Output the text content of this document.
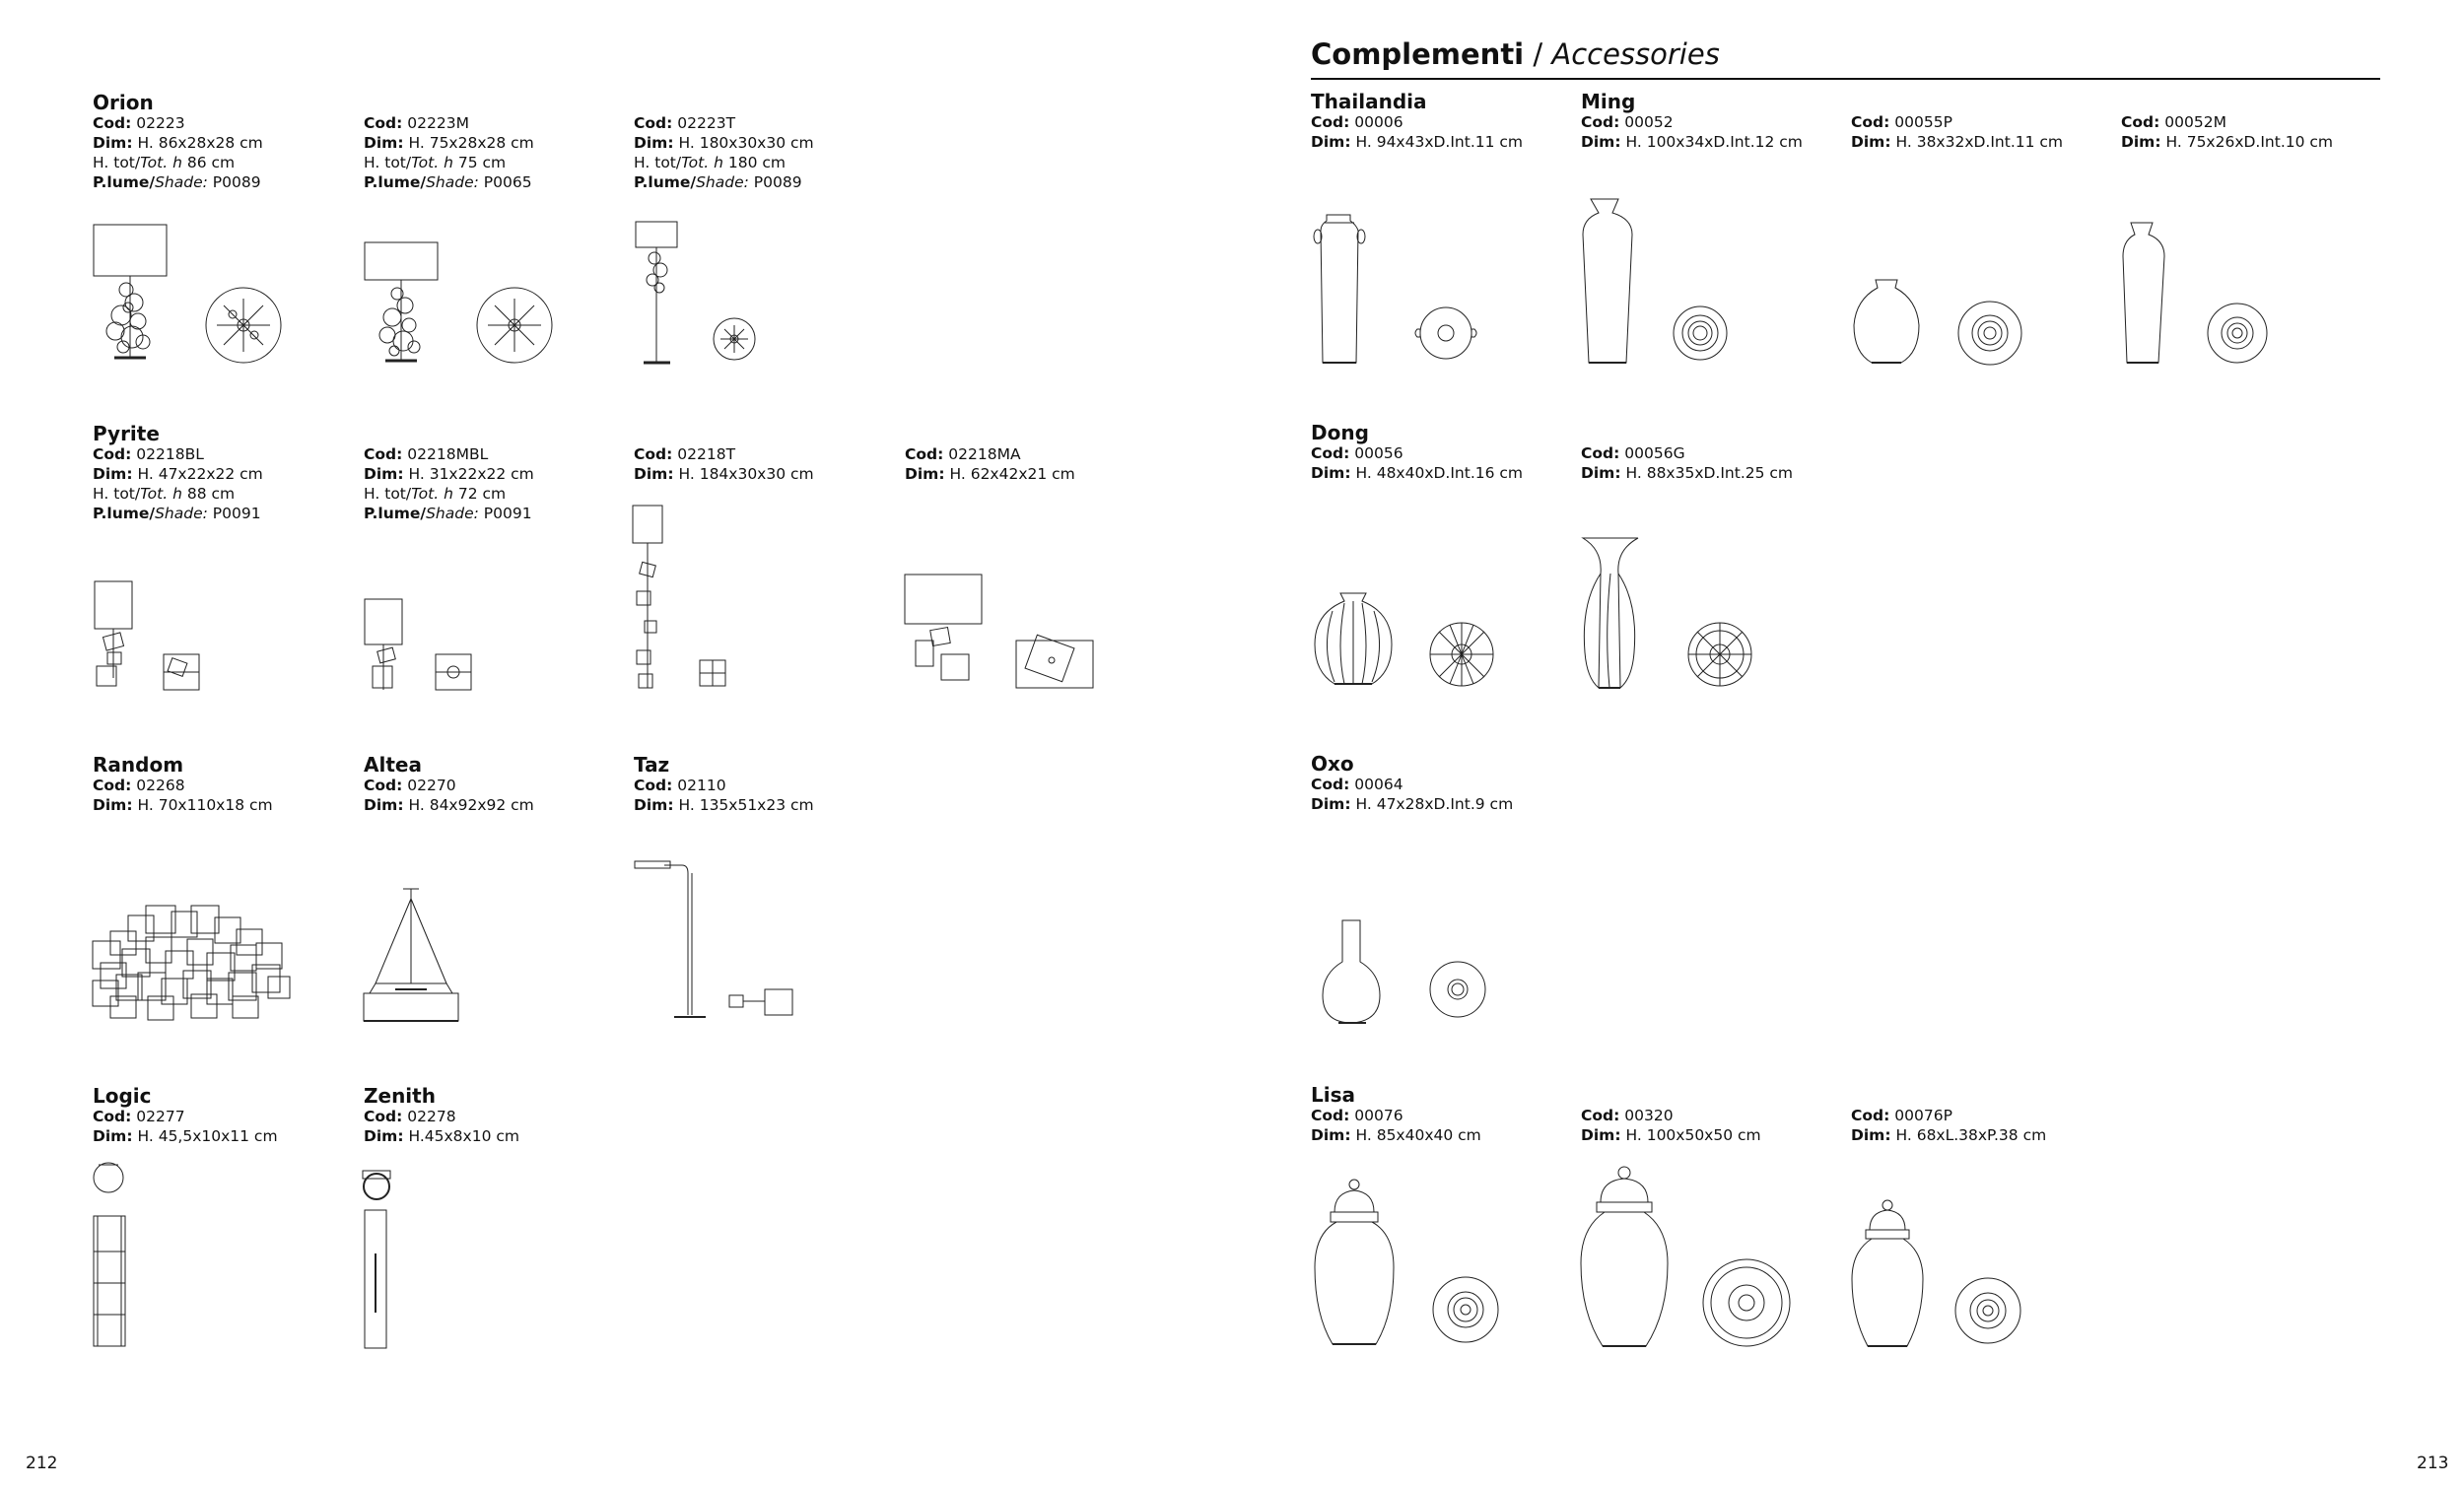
Orion
Cod: 02223
Dim: H. 86x28x28 cm
H. tot/Tot. h 86 cm
P.lume/Shade: P0089
Cod: 02223M
Dim: H. 75x28x28 cm
H. tot/Tot. h 75 cm
P.lume/Shade: P0065
Cod: 02223T
Dim: H. 180x30x30 cm
H. tot/Tot. h 180 cm
P.lume/Shade: P0089
Pyrite
Cod: 02218BL
Dim: H. 47x22x22 cm
H. tot/Tot. h 88 cm
P.lume/Shade: P0091
Cod: 02218MBL
Dim: H. 31x22x22 cm
H. tot/Tot. h 72 cm
P.lume/Shade: P0091
Cod: 02218T
Dim: H. 184x30x30 cm
Cod: 02218MA
Dim: H. 62x42x21 cm
Random
Cod: 02268
Dim: H. 70x110x18 cm
Altea
Cod: 02270
Dim: H. 84x92x92 cm
Taz
Cod: 02110
Dim: H. 135x51x23 cm
Logic
Cod: 02277
Dim: H. 45,5x10x11 cm
Zenith
Cod: 02278
Dim: H.45x8x10 cm
212
Complementi / Accessories
Thailandia
Cod: 00006
Dim: H. 94x43xD.Int.11 cm
Ming
Cod: 00052
Dim: H. 100x34xD.Int.12 cm
Cod: 00055P
Dim: H. 38x32xD.Int.11 cm
Cod: 00052M
Dim: H. 75x26xD.Int.10 cm
Dong
Cod: 00056
Dim: H. 48x40xD.Int.16 cm
Cod: 00056G
Dim: H. 88x35xD.Int.25 cm
Oxo
Cod: 00064
Dim: H. 47x28xD.Int.9 cm
Lisa
Cod: 00076
Dim: H. 85x40x40 cm
Cod: 00320
Dim: H. 100x50x50 cm
Cod: 00076P
Dim: H. 68xL.38xP.38 cm
213
